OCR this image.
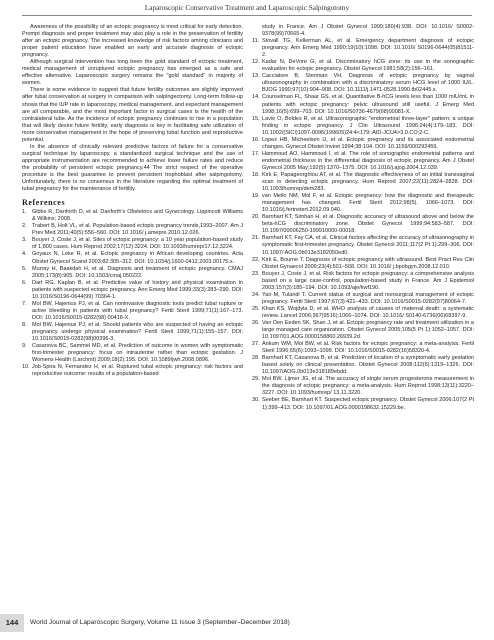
Laparoscopic Conservative Treatment and Laparoscopic Salpingotomy

Awareness of the possibility of an ectopic pregnancy is most critical for early detection. Prompt diagnosis and proper treatment may also play a role in the preservation of fertility after an ectopic pregnancy. The increased knowledge of risk factors among clinicians and proper patient education have enabled an early and accurate diagnosis of ectopic pregnancy.

Although surgical intervention has long been the gold standard of ectopic treatment, medical management of unruptured ectopic pregnancy has emerged as a safe and effective alternative. Laparoscopic surgery remains the "gold standard" in majority of women.

There is some evidence to suggest that future fertility outcomes are slightly improved after tubal conservation at surgery in comparison with salpingectomy. Long-term follow-up shows that the IUP rate in laparoscopy, medical management, and expectant management are all comparable, and the most important factor in surgical cases is the health of the contralateral tube. As the incidence of ectopic pregnancy continues to rise in a population that will likely desire future fertility, early diagnosis is key in facilitating safe utilization of more conservative management in the hope of preserving tubal function and reproductive potential.

In the absence of clinically relevant predictive factors of failure for a conservative surgical technique by laparoscopy, a standardized surgical technique and the use of appropriate instrumentation are recommended to achieve lower failure rates and reduce the probability of persistent ectopic pregnancy.44 The strict respect of the operative procedure is the best guarantee to prevent persistent trophoblast after salpingotomy. Unfortunately, there is no consensus in the literature regarding the optimal treatment of tubal pregnancy for the maintenance of fertility.

References
1. Gibbs R, Danforth D, et al. Danforth's Obstetrics and Gynecology. Lippincott Williams & Wilkins; 2008.
2. Trabert B, Holt VL, et al. Population-based ectopic pregnancy trends,1993–2007. Am J Prev Med 2011;40(5):556–560. DOI: 10.1016/ j.amepre.2010.12.026.
3. Bouyer J, Coste J, et al. Sites of ectopic pregnancy: a 10 year population-based study of 1,800 cases. Hum Reprod 2002;17(12):3224. DOI: 10.1093/humrep/17.12.3224.
4. Goyaux N, Leke R, et al. Ectopic pregnancy in African developing countries. Acta Obstet Gynecol Scand 2003;82:305–312. DOI: 10.1034/j.1600-0412.2003.00175.x.
5. Murray H, Baakdah H, et al. Diagnosis and treatment of ectopic pregnancy. CMAJ 2005;173(8):905. DOI: 10.1503/cmaj.050222.
6. Dart RG, Kaplan B, et al. Predictive value of history and physical examination in patients with suspected ectopic pregnancy. Ann Emerg Med 1999;33(3):283–290. DOI: 10.1016/S0196-0644(99) 70364-1.
7. Mol BW, Hajenius PJ, et al. Can noninvasive diagnostic tools predict tubal rupture or active bleeding in patients with tubal pregnancy? Fertil Steril 1999;71(1):167–173. DOI: 10.1016/S0015-0282(98) 00418-X.
8. Mol BW, Hajenius PJ, et al. Should patients who are suspected of having an ectopic pregnancy undergo physical examination? Fertil Steril 1999;71(1):155–157. DOI: 10.1016/S0015-0282(98)00396-3.
9. Casanova BC, Sammel MD, et al. Prediction of outcome in women with symptomatic first-trimester pregnancy: focus on intrauterine rather than ectopic gestation. J Womens Health (Larchmt) 2009;18(2):195. DOI: 10.1089/jwh.2008.0896.
10. Job-Spira N, Fernandez H, et al. Ruptured tubal ectopic pregnancy: risk factors and reproductive outcome: results of a population-based
study in France. Am J Obstet Gynecol 1999;180(4):938. DOI: 10.1016/ S0002-9378(99)70665-4.
11. Stovall TG, Kellerman AL, et al. Emergency department diagnosis of ectopic pregnancy. Ann Emerg Med 1990;19(10):1098. DOI: 10.1016/ S0196-0644(05)81511-2.
12. Kadar N, DeVore G, et al. Discriminatory hCG zone: its use in the sonographic evaluation for ectopic pregnancy. Obstet Gynecol 1981;58(2):156–161.
13. Cacciatore B, Stenman VH. Diagnosis of ectopic pregnancy by vaginal ultrasonography in combination with a discriminatory serum HCG level of 1000 IU/L. BJOG 1990;97(10):904–908. DOI: 10.1111/j.1471-0528.1990.tb02445.x.
14. Counselman FL, Shaar GS, et al. Quantitative B-hCG levels less than 1000 mIU/mL in patients with ectopic pregnancy: pelvic ultrasound still useful. J Emerg Med 1998;16(5):699–703. DOI: 10.1016/S0736-4679(98)00081-X.
15. Lavie O, Boldes R, et al. Ultrasonographic "endometrial three-layer" pattern: a unique finding in ectopic pregnancy. J Clin Ultrasound 1996;24(4):179–183. DOI: 10.1002/(SICI)1097-0096(199605)24:4<179::AID-JCU4>3.0.CO;2-C.
16. Lopez HB, Micheelsen U, et al. Ectopic pregnancy and its associated endometrial changes. Gynecol Obstet Invest 1994;38:104. DOI: 10.1159/000292459.
17. Hammoud AO, Hammoud I, et al. The role of sonographic endometrial patterns and endometrial thickness in the differential diagnosis of ectopic pregnancy. Am J Obstet Gynecol 2005 May;192(5):1370–1375. DOI: 10.1016/j.ajog.2004.12.039.
18. Kirk E, Papageorghiou AT, et al. The diagnostic effectiveness of an initial transvaginal scan in detecting ectopic pregnancy. Hum Reprod 2007;22(11):2824–2828. DOI: 10.1093/humrep/dem283.
19. van Mello NM, Mol F, et al. Ectopic pregnancy: how the diagnostic and therapeutic management has changed. Fertil Steril 2012;98(5). 1066–1073. DOI: 10.1016/j.fertnstert.2012.09.040.
20. Barnhart KT, Simhan H, et al. Diagnostic accuracy of ultrasound above and below the beta-hCG discriminatory zone. Obstet Gynecol 1999;94:583–587. DOI: 10.1097/00006250-199910000-00018.
21. Barnhart KT, Fay CA, et al. Clinical factors affecting the accuracy of ultrasonography in symptomatic first-trimester pregnancy. Obstet Gynecol 2011;117(2 Pt 1):299–306. DOI: 10.1097/ AOG.0b013e3182050ed0.
22. Kirk E, Bourne T. Diagnosis of ectopic pregnancy with ultrasound. Best Pract Res Clin Obstet Gynaecol 2009;23(4):501–508. DOI: 10.1016/ j.bpobgyn.2008.12.010.
23. Bouyer J, Coste J, et al. Risk factors for ectopic pregnancy: a comprehensive analysis based on a large case-control, population-based study in France. Am J Epidemiol 2003;157(3):185–194. DOI: 10.1093/aje/kwf190.
24. Yao M, Tulandi T. Current status of surgical and nonsurgical management of ectopic pregnancy. Fertil Steril 1997;67(3):421–433. DOI: 10.1016/S0015-0282(97)80064-7.
25. Khan KS, Wojdyla D, et al. WHO analysis of causes of maternal death: a systematic review. Lancet 2006;367(9516):1066–1074. DOI: 10.1016/ S0140-6736(06)68397-9.
26. Van Den Eeden SK, Shan J, et al. Ectopic pregnancy rate and treatment utilization in a large managed care organization. Obstet Gynecol 2005;105(5 Pt 1):1052–1057. DOI: 10.1097/01.AOG.0000158860.26939.2d.
27. Ankum WM, Mol BW, et al. Risk factors for ectopic pregnancy: a meta-analysis. Fertil Steril 1996;65(6):1093–1099. DOI: 10.1016/S0015-0282(16)58320-4.
28. Barnhart KT, Casanova B, et al. Prediction of location of a symptomatic early gestation based solely on clinical presentation. Obstet Gynecol 2008;112(6):1319–1326. DOI: 10.1097/AOG.0b013e318189ebdd.
29. Mol BW, Lijmer JG, et al. The accuracy of single serum progesterone measurement in the diagnosis of ectopic pregnancy: a meta-analysis. Hum Reprod 1998;13(11):3220–3227. DOI: 10.1093/humrep/ 13.11.3220.
30. Seeber BE, Barnhart KT. Suspected ectopic pregnancy. Obstet Gynecol 2006;107(2 Pt 1):399–413. DOI: 10.1097/01.AOG.0000198632.15229.be.
144	World Journal of Laparoscopic Surgery, Volume 11 Issue 3 (September–December 2018)
